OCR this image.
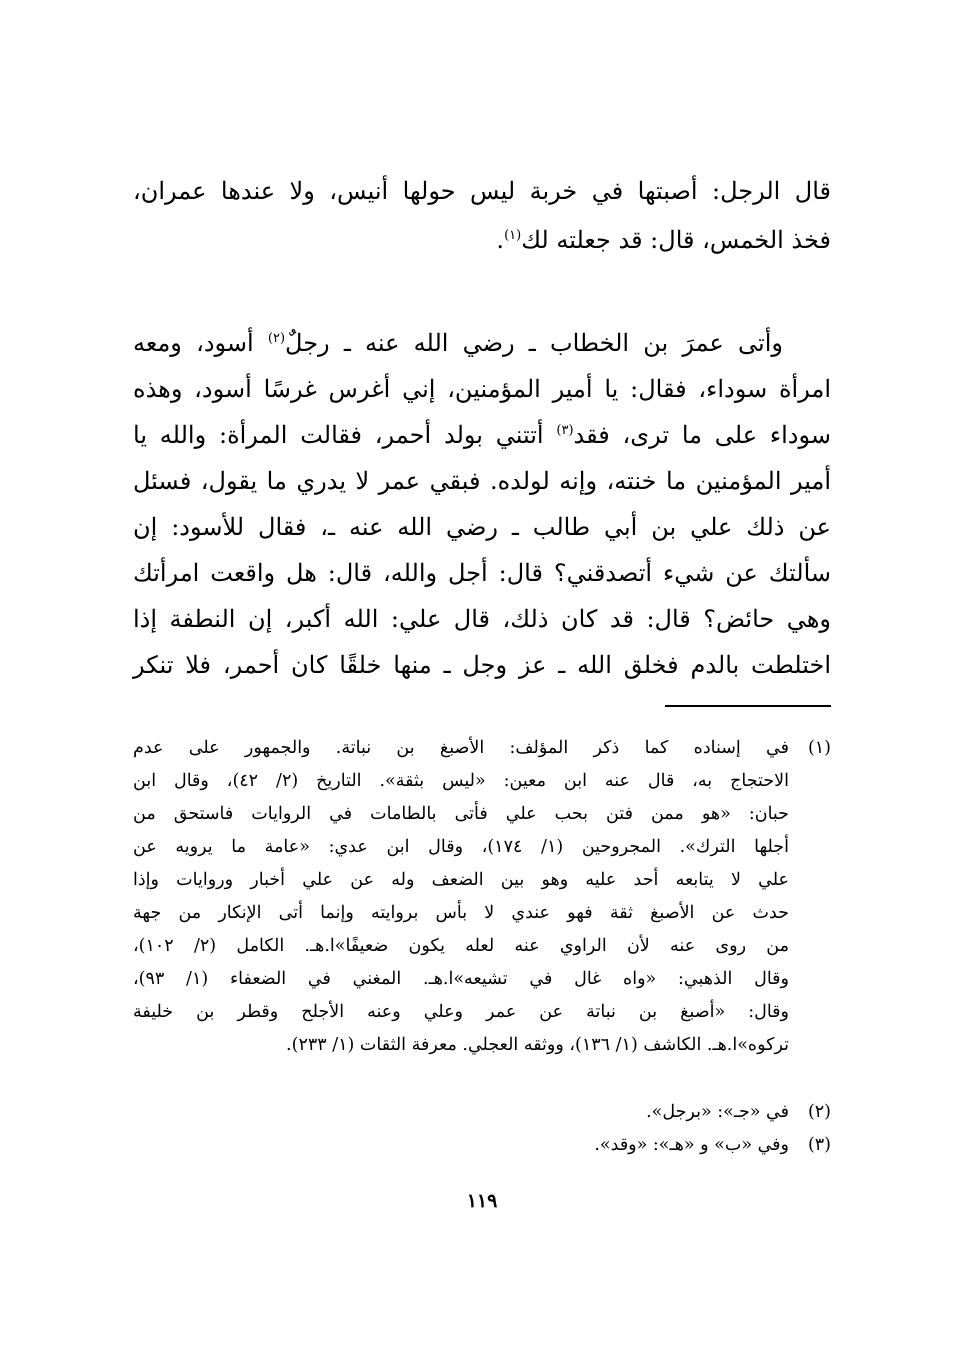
قال الرجل: أصبتها في خربة ليس حولها أنيس، ولا عندها عمران،
فخذ الخمس، قال: قد جعلته لك$^{(١)}$.
وأتى عمرَ بن الخطاب ـ رضي الله عنه ـ رجلٌ$^{(٢)}$ أسود، ومعه
امرأة سوداء، فقال: يا أمير المؤمنين، إني أغرس غرسًا أسود، وهذه
سوداء على ما ترى، فقد$^{(٣)}$ أتتني بولد أحمر، فقالت المرأة: والله يا
أمير المؤمنين ما خنته، وإنه لولده. فبقي عمر لا يدري ما يقول، فسئل
عن ذلك علي بن أبي طالب ـ رضي الله عنه ـ، فقال للأسود: إن
سألتك عن شيء أتصدقني؟ قال: أجل والله، قال: هل واقعت امرأتك
وهي حائض؟ قال: قد كان ذلك، قال علي: الله أكبر، إن النطفة إذا
اختلطت بالدم فخلق الله ـ عز وجل ـ منها خلقًا كان أحمر، فلا تنكر
(١)
في إسناده كما ذكر المؤلف: الأصبغ بن نباتة. والجمهور على عدم
الاحتجاج به، قال عنه ابن معين: «ليس بثقة». التاريخ (٢/ ٤٢)، وقال ابن
حبان: «هو ممن فتن بحب علي فأتى بالطامات في الروايات فاستحق من
أجلها الترك». المجروحين (١/ ١٧٤)، وقال ابن عدي: «عامة ما يرويه عن
علي لا يتابعه أحد عليه وهو بين الضعف وله عن علي أخبار وروايات وإذا
حدث عن الأصبغ ثقة فهو عندي لا بأس بروايته وإنما أتى الإنكار من جهة
من روى عنه لأن الراوي عنه لعله يكون ضعيفًا»ا.هـ. الكامل (٢/ ١٠٢)،
وقال الذهبي: «واه غال في تشيعه»ا.هـ. المغني في الضعفاء (١/ ٩٣)،
وقال: «أصبغ بن نباتة عن عمر وعلي وعنه الأجلح وقطر بن خليفة
تركوه»ا.هـ. الكاشف (١/ ١٣٦)، ووثقه العجلي. معرفة الثقات (١/ ٢٣٣).
(٢)
في «جـ»: «برجل».
(٣)
وفي «ب» و «هـ»: «وقد».
١١٩
